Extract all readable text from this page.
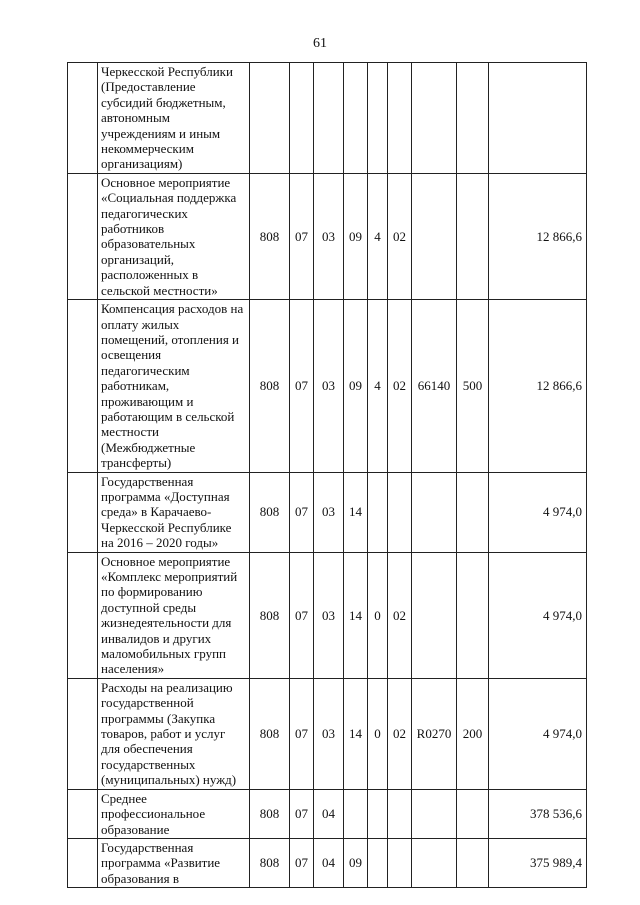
61
	Черкесской Республики (Предоставление субсидий бюджетным, автономным учреждениям и иным некоммерческим организациям)									
	Основное мероприятие «Социальная поддержка педагогических работников образовательных организаций, расположенных в сельской местности»	808	07	03	09	4	02			12 866,6
	Компенсация расходов на оплату жилых помещений, отопления и освещения педагогическим работникам, проживающим и работающим в сельской местности (Межбюджетные трансферты)	808	07	03	09	4	02	66140	500	12 866,6
	Государственная программа «Доступная среда» в Карачаево-Черкесской Республике на 2016 – 2020 годы»	808	07	03	14					4 974,0
	Основное мероприятие «Комплекс мероприятий по формированию доступной среды жизнедеятельности для инвалидов и других маломобильных групп населения»	808	07	03	14	0	02			4 974,0
	Расходы на реализацию государственной программы (Закупка товаров, работ и услуг для обеспечения государственных (муниципальных) нужд)	808	07	03	14	0	02	R0270	200	4 974,0
	Среднее профессиональное образование	808	07	04						378 536,6
	Государственная программа «Развитие образования в	808	07	04	09					375 989,4
